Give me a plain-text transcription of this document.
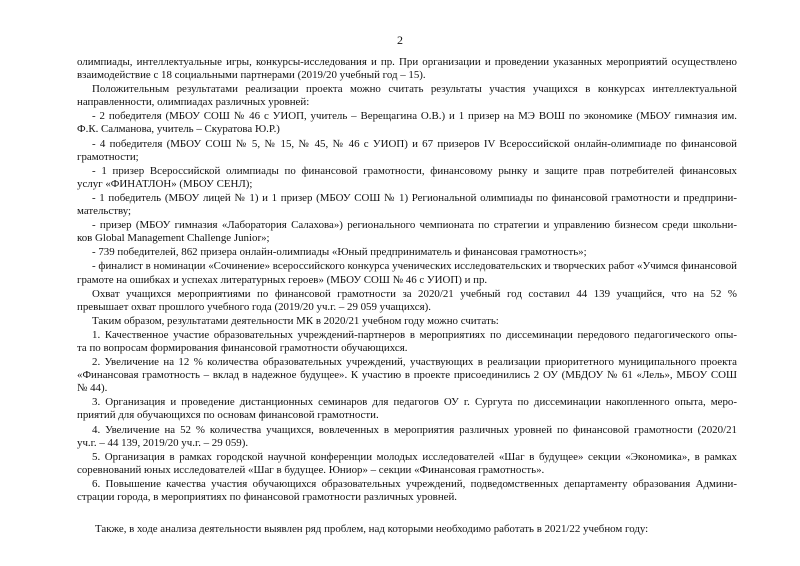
2
олимпиады, интеллектуальные игры, конкурсы-исследования и пр. При организации и проведении указанных мероприятий осуществлено
взаимодействие с 18 социальными партнерами (2019/20 учебный год – 15).
Положительным результатами реализации проекта можно считать результаты участия учащихся в конкурсах интеллектуальной
направленности, олимпиадах различных уровней:
- 2 победителя (МБОУ СОШ № 46 с УИОП, учитель – Верещагина О.В.) и 1 призер на МЭ ВОШ по экономике (МБОУ гимназия им.
Ф.К. Салманова, учитель – Скуратова Ю.Р.)
- 4 победителя (МБОУ СОШ № 5, № 15, № 45, № 46 с УИОП) и 67 призеров IV Всероссийской онлайн-олимпиаде по финансовой
грамотности;
- 1 призер Всероссийской олимпиады по финансовой грамотности, финансовому рынку и защите прав потребителей финансовых
услуг «ФИНАТЛОН» (МБОУ СЕНЛ);
- 1 победитель (МБОУ лицей № 1) и 1 призер (МБОУ СОШ № 1) Региональной олимпиады по финансовой грамотности и предприни-
мательству;
- призер (МБОУ гимназия «Лаборатория Салахова») регионального чемпионата по стратегии и управлению бизнесом среди школьни-
ков Global Management Challenge Junior»;
- 739 победителей, 862 призера онлайн-олимпиады «Юный предприниматель и финансовая грамотность»;
- финалист в номинации «Сочинение» всероссийского конкурса ученических исследовательских и творческих работ «Учимся финансовой
грамоте на ошибках и успехах литературных героев» (МБОУ СОШ № 46 с УИОП) и пр.
Охват учащихся мероприятиями по финансовой грамотности за 2020/21 учебный год составил 44 139 учащийся, что на 52 %
превышает охват прошлого учебного года (2019/20 уч.г. – 29 059 учащихся).
Таким образом, результатами деятельности МК в 2020/21 учебном году можно считать:
1. Качественное участие образовательных учреждений-партнеров в мероприятиях по диссеминации передового педагогического опы-
та по вопросам формирования финансовой грамотности обучающихся.
2. Увеличение на 12 % количества образовательных учреждений, участвующих в реализации приоритетного муниципального проекта
«Финансовая грамотность – вклад в надежное будущее». К участию в проекте присоединились 2 ОУ (МБДОУ № 61 «Лель», МБОУ СОШ
№ 44).
3. Организация и проведение дистанционных семинаров для педагогов ОУ г. Сургута по диссеминации накопленного опыта, меро-
приятий для обучающихся по основам финансовой грамотности.
4. Увеличение на 52 % количества учащихся, вовлеченных в мероприятия различных уровней по финансовой грамотности (2020/21
уч.г. – 44 139, 2019/20 уч.г. – 29 059).
5. Организация в рамках городской научной конференции молодых исследователей «Шаг в будущее» секции «Экономика», в рамках
соревнований юных исследователей «Шаг в будущее. Юниор» – секции «Финансовая грамотность».
6. Повышение качества участия обучающихся образовательных учреждений, подведомственных департаменту образования Админи-
страции города, в мероприятиях по финансовой грамотности различных уровней.
Также, в ходе анализа деятельности выявлен ряд проблем, над которыми необходимо работать в 2021/22 учебном году:
